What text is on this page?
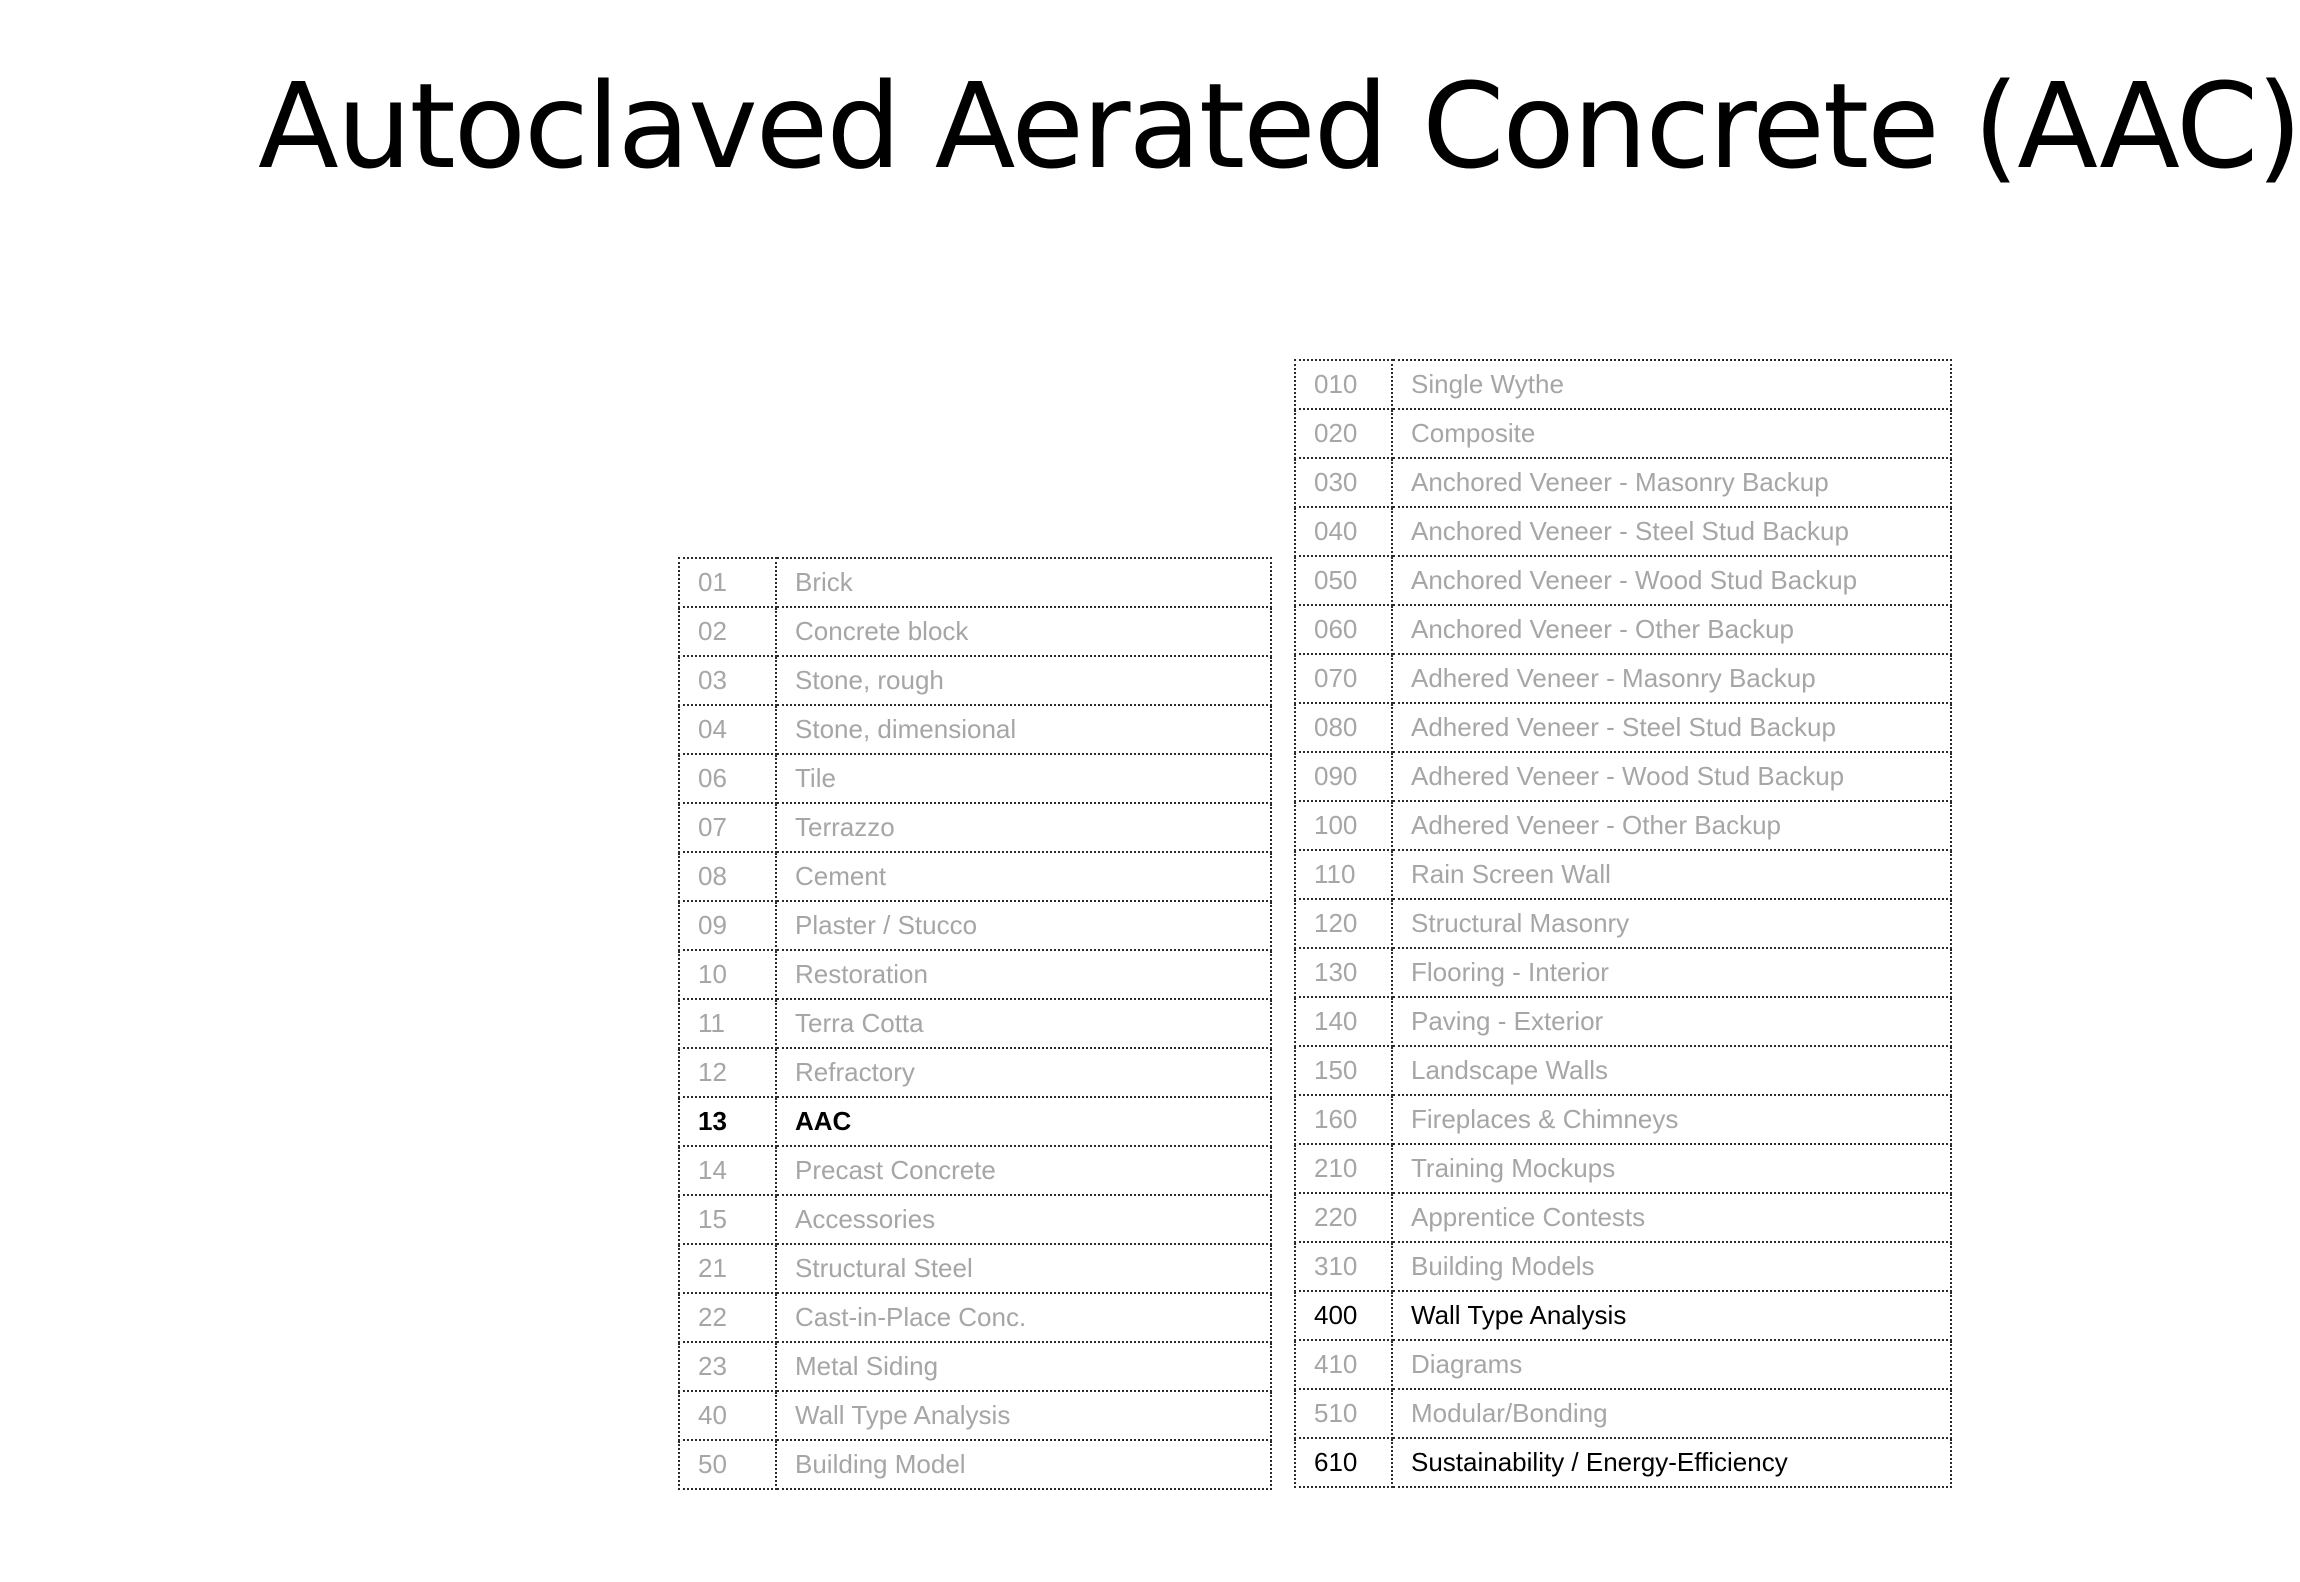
Autoclaved Aerated Concrete (AAC)
01	Brick
02	Concrete block
03	Stone, rough
04	Stone, dimensional
06	Tile
07	Terrazzo
08	Cement
09	Plaster / Stucco
10	Restoration
11	Terra Cotta
12	Refractory
13	AAC
14	Precast Concrete
15	Accessories
21	Structural Steel
22	Cast-in-Place Conc.
23	Metal Siding
40	Wall Type Analysis
50	Building Model
010	Single Wythe
020	Composite
030	Anchored Veneer - Masonry Backup
040	Anchored Veneer - Steel Stud Backup
050	Anchored Veneer - Wood Stud Backup
060	Anchored Veneer - Other Backup
070	Adhered Veneer - Masonry Backup
080	Adhered Veneer - Steel Stud Backup
090	Adhered Veneer - Wood Stud Backup
100	Adhered Veneer - Other Backup
110	Rain Screen Wall
120	Structural Masonry
130	Flooring - Interior
140	Paving - Exterior
150	Landscape Walls
160	Fireplaces & Chimneys
210	Training Mockups
220	Apprentice Contests
310	Building Models
400	Wall Type Analysis
410	Diagrams
510	Modular/Bonding
610	Sustainability / Energy-Efficiency
